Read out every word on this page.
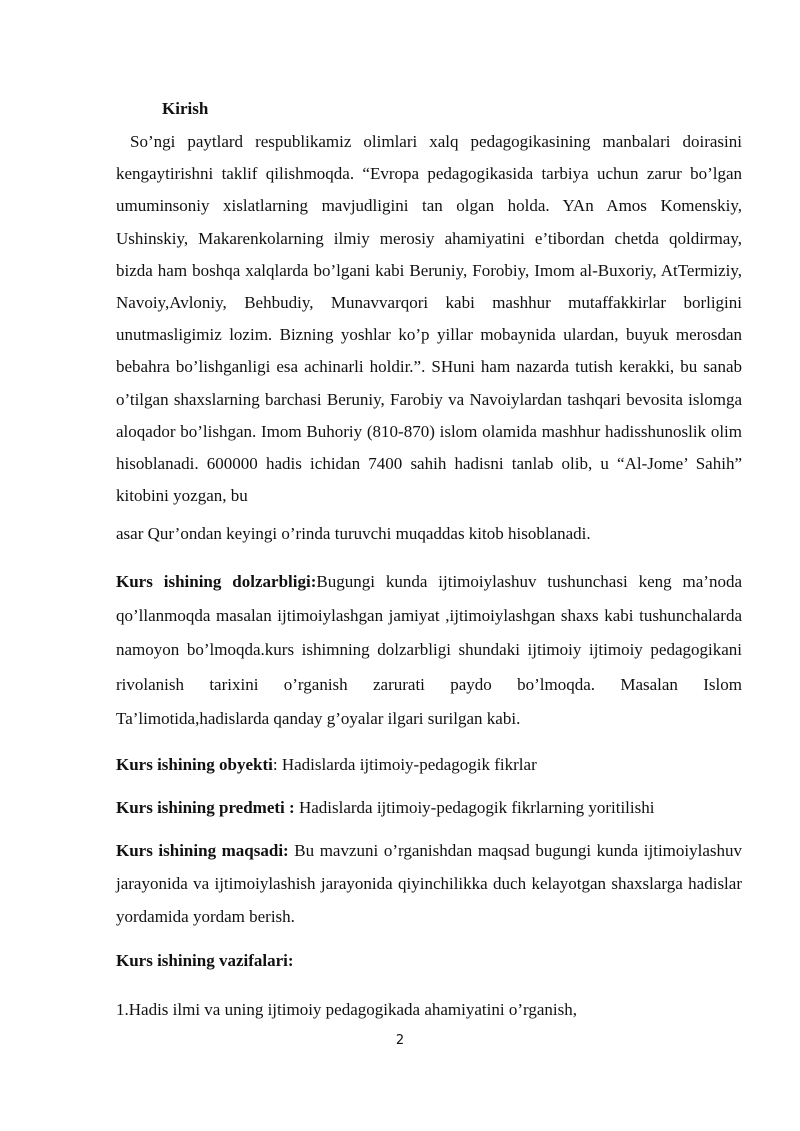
Kirish

So’ngi paytlard respublikamiz olimlari xalq pedagogikasining manbalari doirasini kengaytirishni taklif qilishmoqda. “Evropa pedagogikasida tarbiya uchun zarur bo’lgan umuminsoniy xislatlarning mavjudligini tan olgan holda. YAn Amos Komenskiy, Ushinskiy, Makarenkolarning ilmiy merosiy ahamiyatini e’tibordan chetda qoldirmay, bizda ham boshqa xalqlarda bo’lgani kabi Beruniy, Forobiy, Imom al-Buxoriy, AtTermiziy, Navoiy,Avloniy, Behbudiy, Munavvarqori kabi mashhur mutaffakkirlar borligini unutmasligimiz lozim. Bizning yoshlar ko’p yillar mobaynida ulardan, buyuk merosdan bebahra bo’lishganligi esa achinarli holdir.”. SHuni ham nazarda tutish kerakki, bu sanab o’tilgan shaxslarning barchasi Beruniy, Farobiy va Navoiylardan tashqari bevosita islomga aloqador bo’lishgan. Imom Buhoriy (810-870) islom olamida mashhur hadisshunoslik olim hisoblanadi. 600000 hadis ichidan 7400 sahih hadisni tanlab olib, u “Al-Jome’ Sahih” kitobini yozgan, bu

asar Qur’ondan keyingi o’rinda turuvchi muqaddas kitob hisoblanadi.

Kurs ishining dolzarbligi:Bugungi kunda ijtimoiylashuv tushunchasi keng ma’noda qo’llanmoqda masalan ijtimoiylashgan jamiyat ,ijtimoiylashgan shaxs kabi tushunchalarda namoyon bo’lmoqda.kurs ishimning dolzarbligi shundaki ijtimoiy ijtimoiy pedagogikani rivolanish tarixini o’rganish zarurati paydo bo’lmoqda. Masalan Islom Ta’limotida,hadislarda qanday g’oyalar ilgari surilgan kabi.

Kurs ishining obyekti: Hadislarda ijtimoiy-pedagogik fikrlar

Kurs ishining predmeti : Hadislarda ijtimoiy-pedagogik fikrlarning yoritilishi

Kurs ishining maqsadi: Bu mavzuni o’rganishdan maqsad bugungi kunda ijtimoiylashuv jarayonida va ijtimoiylashish jarayonida qiyinchilikka duch kelayotgan shaxslarga hadislar yordamida yordam berish.

Kurs ishining vazifalari:

1.Hadis ilmi va uning ijtimoiy pedagogikada ahamiyatini o’rganish,

2
